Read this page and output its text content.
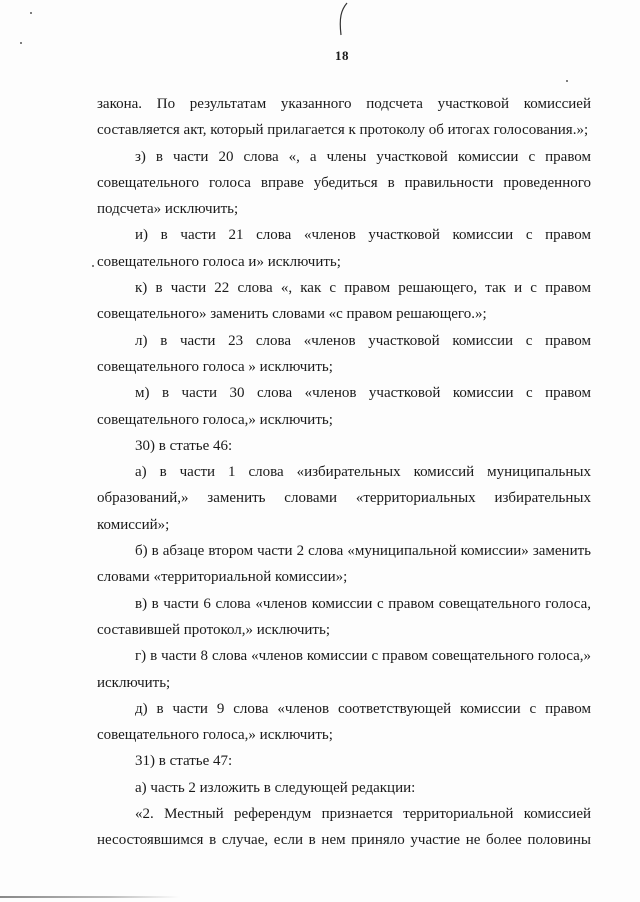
18
закона. По результатам указанного подсчета участковой комиссией
составляется акт, который прилагается к протоколу об итогах голосования.»;
з) в части 20 слова «, а члены участковой комиссии с правом
совещательного голоса вправе убедиться в правильности проведенного
подсчета» исключить;
и) в части 21 слова «членов участковой комиссии с правом
совещательного голоса и» исключить;
к) в части 22 слова «, как с правом решающего, так и с правом
совещательного» заменить словами «с правом решающего.»;
л) в части 23 слова «членов участковой комиссии с правом
совещательного голоса » исключить;
м) в части 30 слова «членов участковой комиссии с правом
совещательного голоса,» исключить;
30) в статье 46:
а) в части 1 слова «избирательных комиссий муниципальных
образований,» заменить словами «территориальных избирательных
комиссий»;
б) в абзаце втором части 2 слова «муниципальной комиссии» заменить
словами «территориальной комиссии»;
в) в части 6 слова «членов комиссии с правом совещательного голоса,
составившей протокол,» исключить;
г) в части 8 слова «членов комиссии с правом совещательного голоса,»
исключить;
д) в части 9 слова «членов соответствующей комиссии с правом
совещательного голоса,» исключить;
31) в статье 47:
а) часть 2 изложить в следующей редакции:
«2. Местный референдум признается территориальной комиссией
несостоявшимся в случае, если в нем приняло участие не более половины
